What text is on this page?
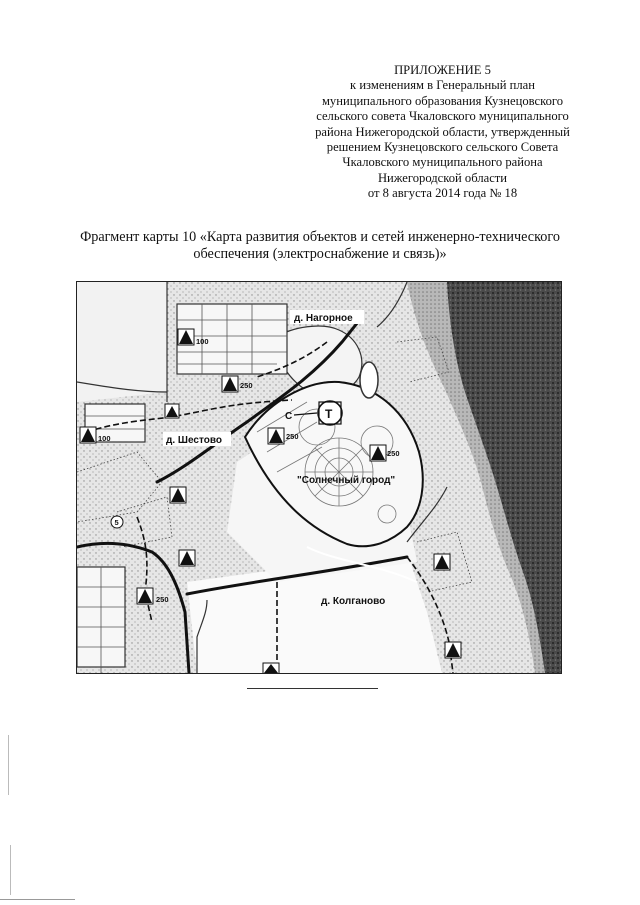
ПРИЛОЖЕНИЕ 5
к изменениям в Генеральный план
муниципального образования Кузнецовского
сельского совета Чкаловского муниципального
района Нижегородской области, утвержденный
решением Кузнецовского сельского Совета
Чкаловского муниципального района
Нижегородской области
от 8 августа 2014 года № 18
Фрагмент карты 10 «Карта развития объектов и сетей инженерно-технического
обеспечения (электроснабжение и связь)»
д. Нагорное
д. Шестово
"Солнечный город"
д. Колганово
Т
С
100
250
100	250
250
250
5
